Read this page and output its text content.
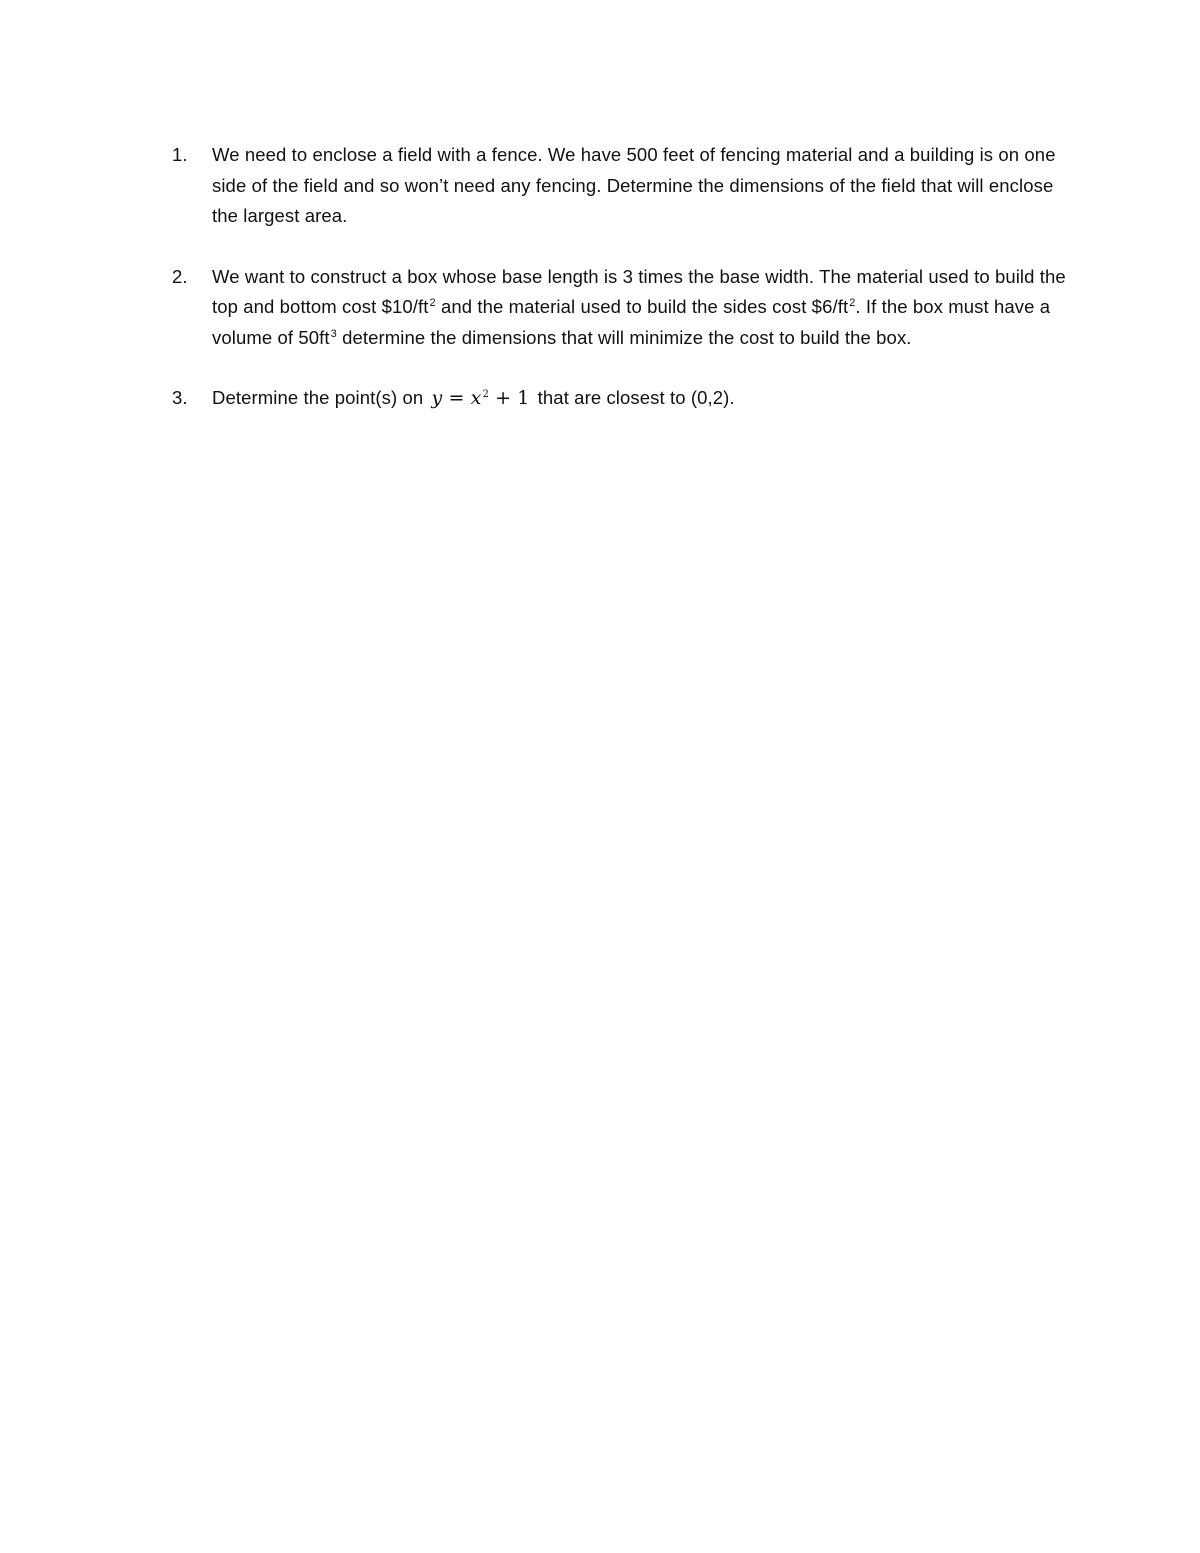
1. We need to enclose a field with a fence. We have 500 feet of fencing material and a building is on one side of the field and so won’t need any fencing. Determine the dimensions of the field that will enclose the largest area.
2. We want to construct a box whose base length is 3 times the base width. The material used to build the top and bottom cost $\$10/ft^2$ and the material used to build the sides cost $\$6/ft^2$. If the box must have a volume of $50ft^3$ determine the dimensions that will minimize the cost to build the box.
3. Determine the point(s) on $y = x^2 + 1$ that are closest to (0,2).
